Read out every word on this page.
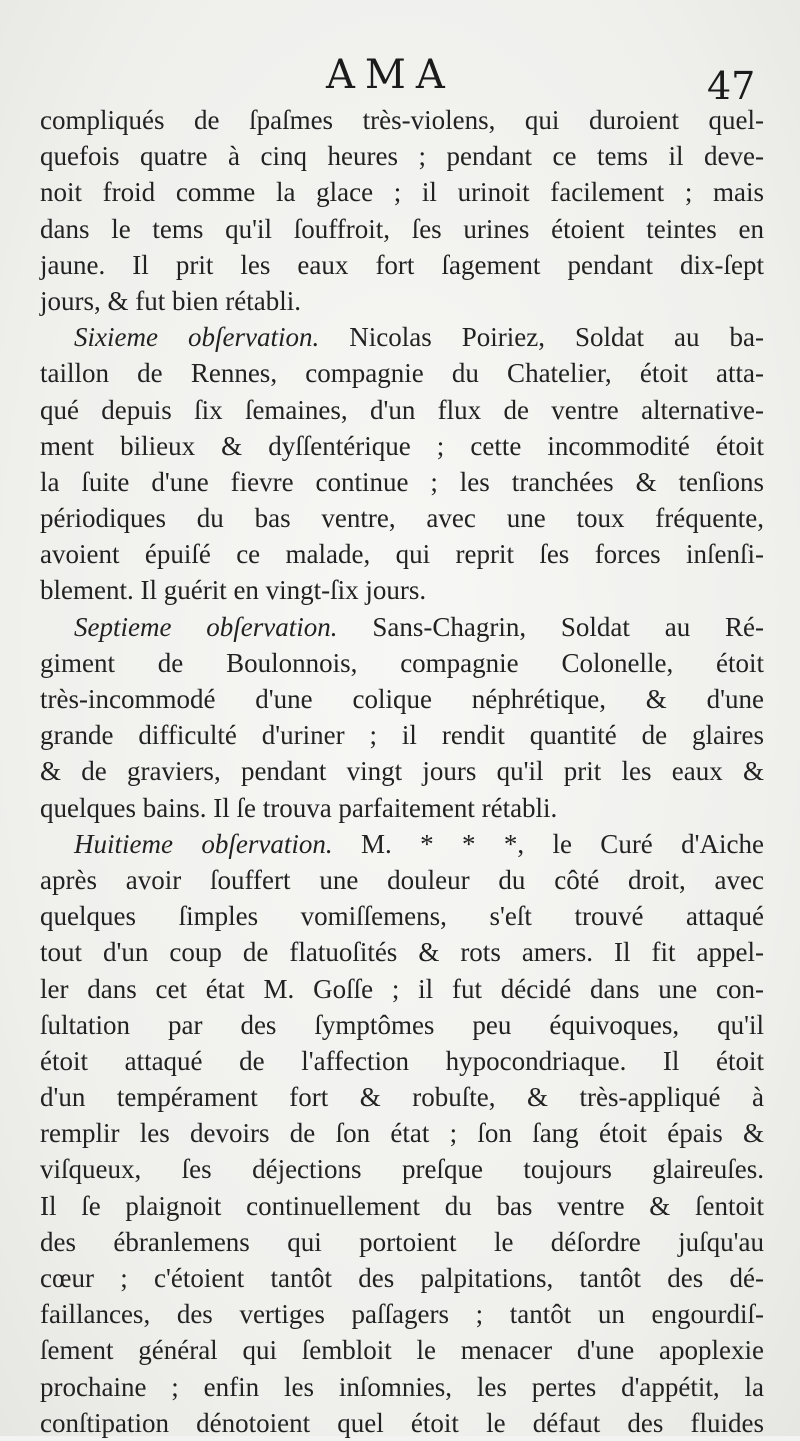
AMA	47
compliqués de ſpaſmes très-violens, qui duroient quel-
quefois quatre à cinq heures ; pendant ce tems il deve-
noit froid comme la glace ; il urinoit facilement ; mais
dans le tems qu'il ſouffroit, ſes urines étoient teintes en
jaune. Il prit les eaux fort ſagement pendant dix-ſept
jours, & fut bien rétabli.
Sixieme obſervation. Nicolas Poiriez, Soldat au ba-
taillon de Rennes, compagnie du Chatelier, étoit atta-
qué depuis ſix ſemaines, d'un flux de ventre alternative-
ment bilieux & dyſſentérique ; cette incommodité étoit
la ſuite d'une fievre continue ; les tranchées & tenſions
périodiques du bas ventre, avec une toux fréquente,
avoient épuiſé ce malade, qui reprit ſes forces inſenſi-
blement. Il guérit en vingt-ſix jours.
Septieme obſervation. Sans-Chagrin, Soldat au Ré-
giment de Boulonnois, compagnie Colonelle, étoit
très-incommodé d'une colique néphrétique, & d'une
grande difficulté d'uriner ; il rendit quantité de glaires
& de graviers, pendant vingt jours qu'il prit les eaux &
quelques bains. Il ſe trouva parfaitement rétabli.
Huitieme obſervation. M. * * *, le Curé d'Aiche
après avoir ſouffert une douleur du côté droit, avec
quelques ſimples vomiſſemens, s'eſt trouvé attaqué
tout d'un coup de flatuoſités & rots amers. Il fit appel-
ler dans cet état M. Goſſe ; il fut décidé dans une con-
ſultation par des ſymptômes peu équivoques, qu'il
étoit attaqué de l'affection hypocondriaque. Il étoit
d'un tempérament fort & robuſte, & très-appliqué à
remplir les devoirs de ſon état ; ſon ſang étoit épais &
viſqueux, ſes déjections preſque toujours glaireuſes.
Il ſe plaignoit continuellement du bas ventre & ſentoit
des ébranlemens qui portoient le déſordre juſqu'au
cœur ; c'étoient tantôt des palpitations, tantôt des dé-
faillances, des vertiges paſſagers ; tantôt un engourdiſ-
ſement général qui ſembloit le menacer d'une apoplexie
prochaine ; enfin les inſomnies, les pertes d'appétit, la
conſtipation dénotoient quel étoit le défaut des fluides
